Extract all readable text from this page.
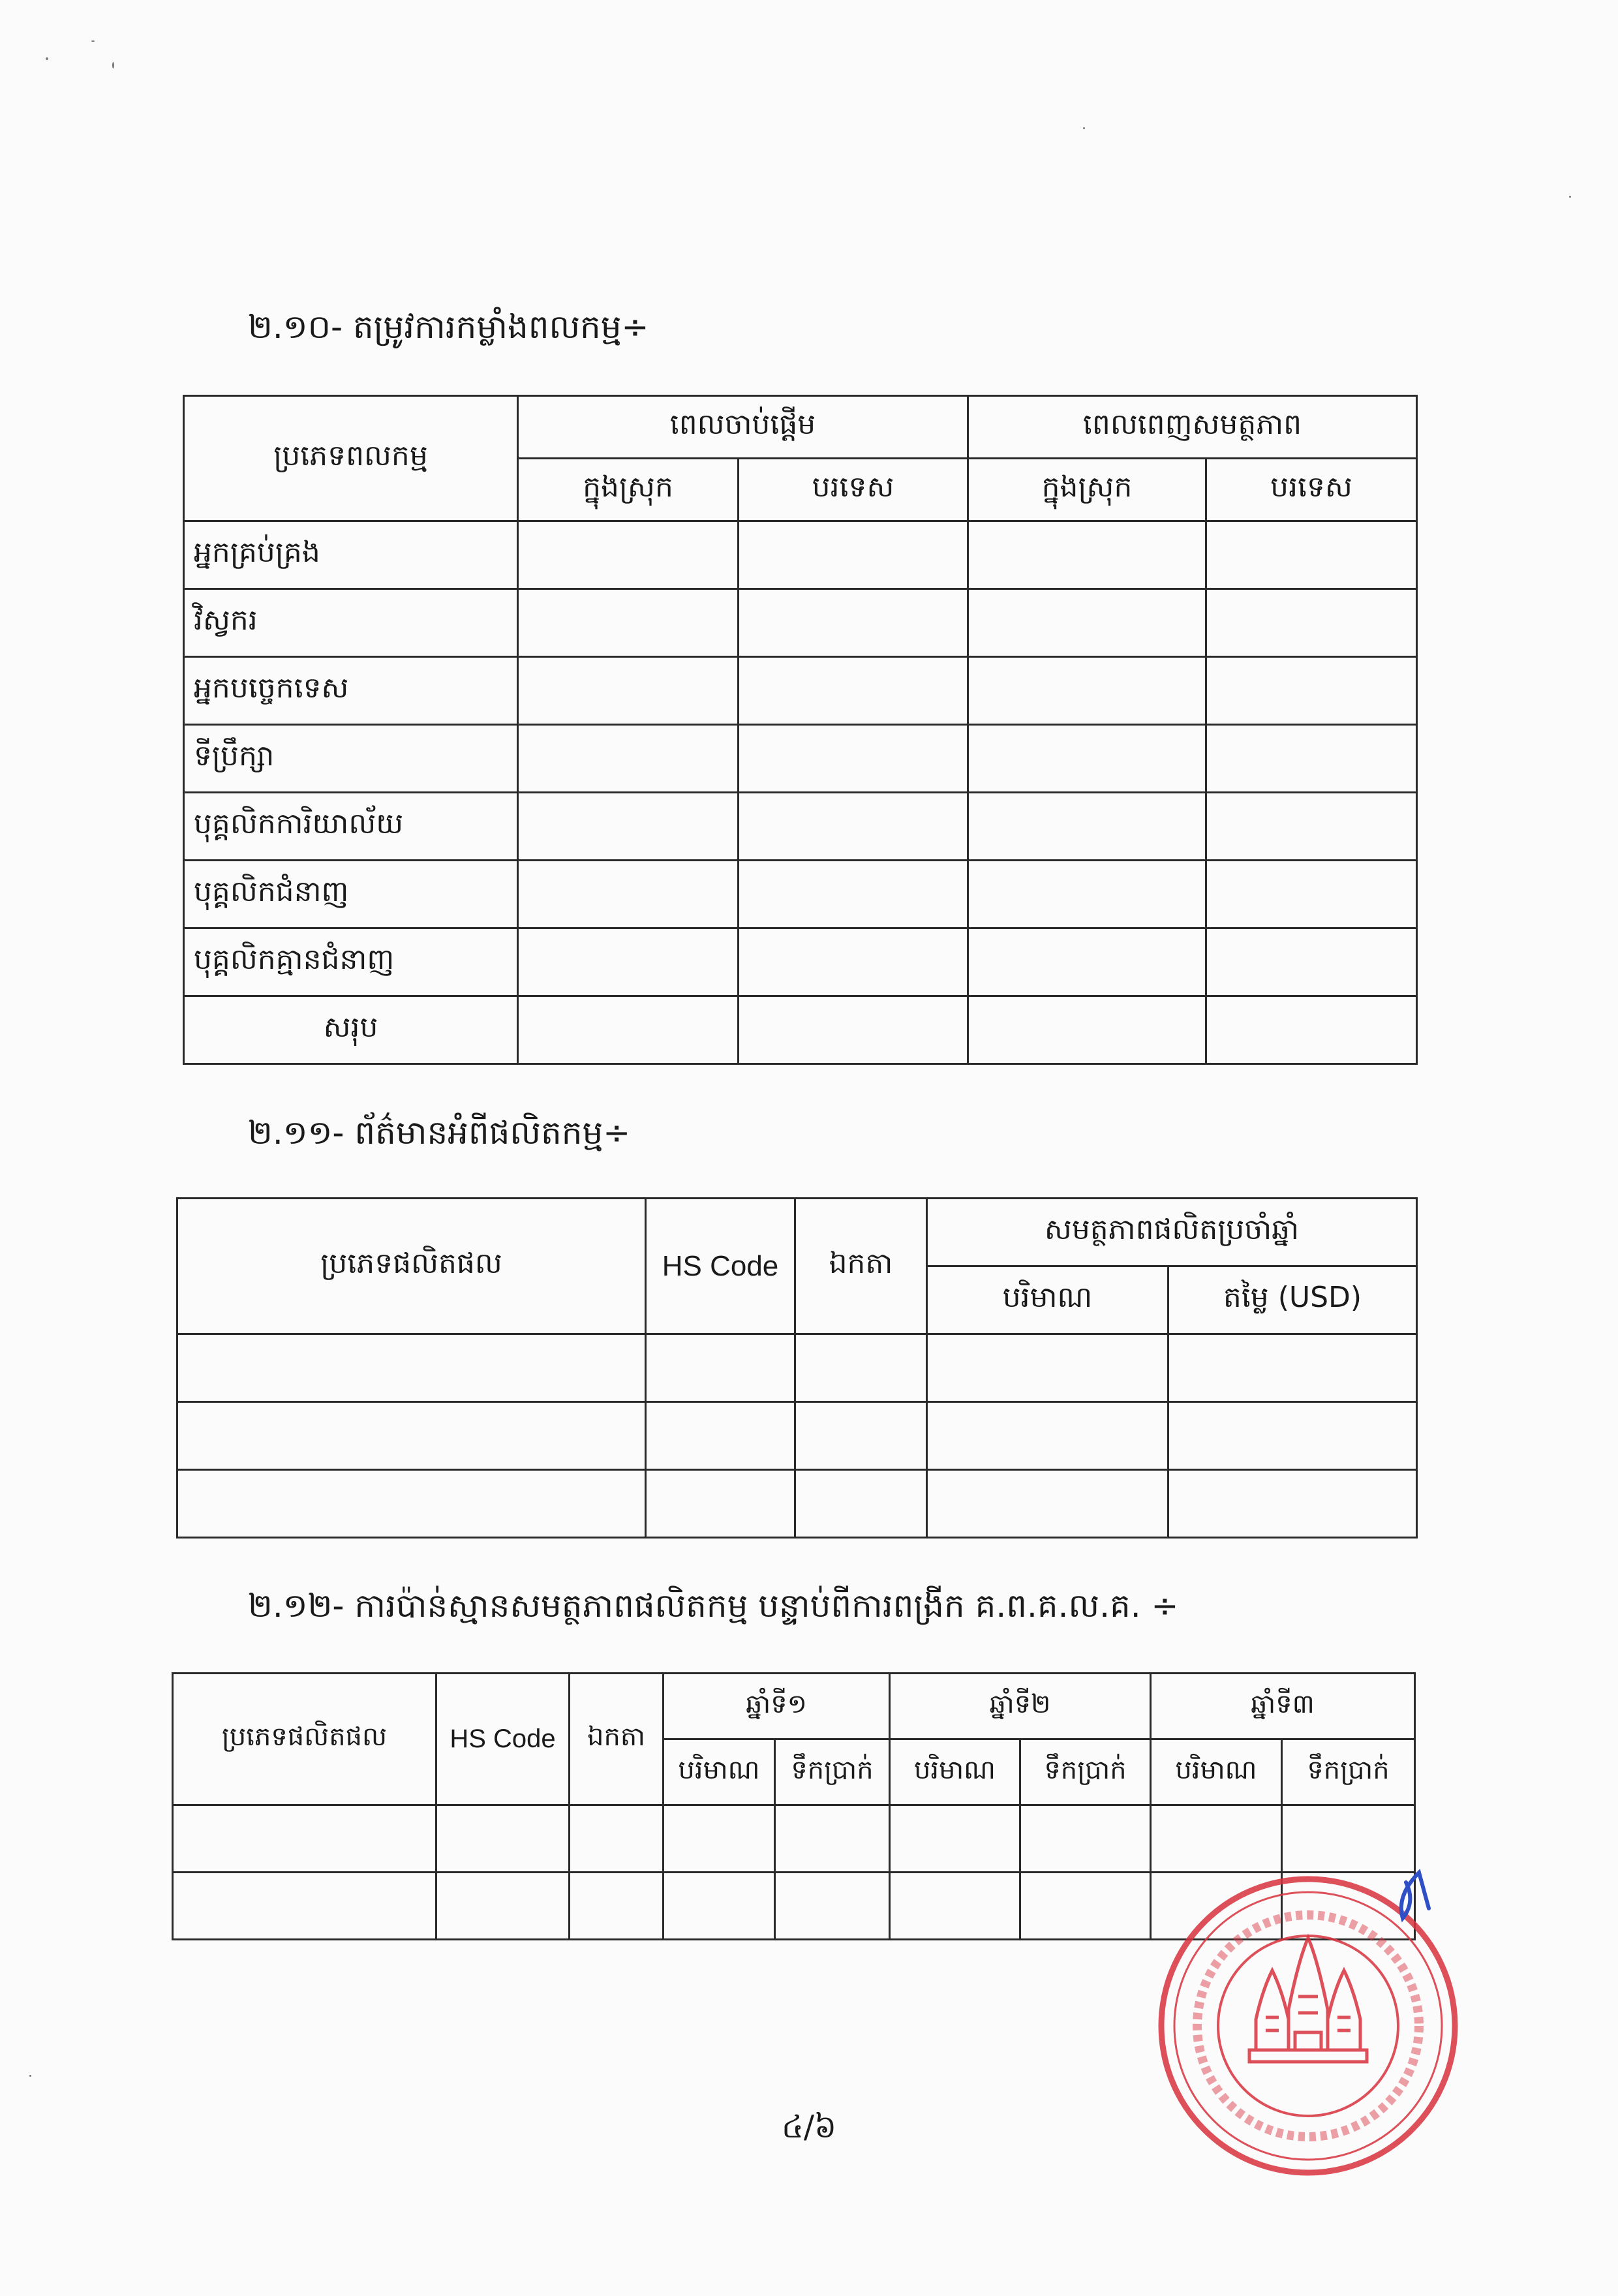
២.១០- តម្រូវការកម្លាំងពលកម្ម÷
ប្រភេទពលកម្ម	ពេលចាប់ផ្ដើម		ពេលពេញសមត្ថភាព	
	ក្នុងស្រុក	បរទេស	ក្នុងស្រុក	បរទេស
អ្នកគ្រប់គ្រង				
វិស្វករ				
អ្នកបច្ចេកទេស				
ទីប្រឹក្សា				
បុគ្គលិកការិយាល័យ				
បុគ្គលិកជំនាញ				
បុគ្គលិកគ្មានជំនាញ				
សរុប				
២.១១- ព័ត៌មានអំពីផលិតកម្ម÷
ប្រភេទផលិតផល	HS Code	ឯកតា	សមត្ថភាពផលិតប្រចាំឆ្នាំ	
			បរិមាណ	តម្លៃ (USD)

២.១២- ការប៉ាន់ស្មានសមត្ថភាពផលិតកម្ម បន្ទាប់ពីការពង្រីក គ.ព.គ.ល.គ. ÷
ប្រភេទផលិតផល	HS Code	ឯកតា	ឆ្នាំទី១		ឆ្នាំទី២		ឆ្នាំទី៣	
			បរិមាណ	ទឹកប្រាក់	បរិមាណ	ទឹកប្រាក់	បរិមាណ	ទឹកប្រាក់

៤/៦
